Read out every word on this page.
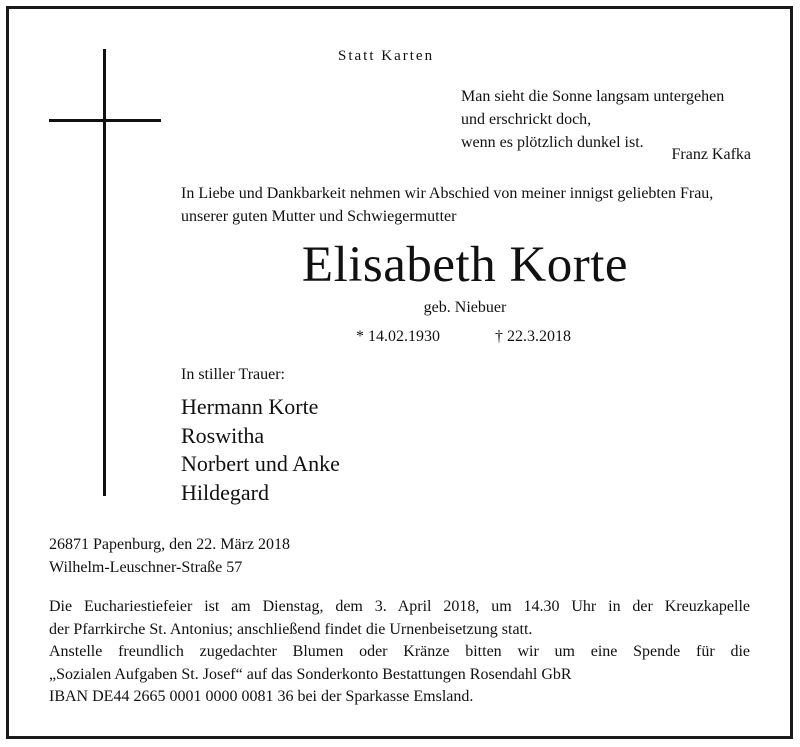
Statt Karten
Man sieht die Sonne langsam untergehen
und erschrickt doch,
wenn es plötzlich dunkel ist.
Franz Kafka
In Liebe und Dankbarkeit nehmen wir Abschied von meiner innigst geliebten Frau,
unserer guten Mutter und Schwiegermutter
Elisabeth Korte
geb. Niebuer
* 14.02.1930	† 22.3.2018
In stiller Trauer:
Hermann Korte
Roswitha
Norbert und Anke
Hildegard
26871 Papenburg, den 22. März 2018
Wilhelm-Leuschner-Straße 57
Die Euchariestiefeier ist am Dienstag, dem 3. April 2018, um 14.30 Uhr in der Kreuzkapelle
der Pfarrkirche St. Antonius; anschließend findet die Urnenbeisetzung statt.
Anstelle freundlich zugedachter Blumen oder Kränze bitten wir um eine Spende für die
„Sozialen Aufgaben St. Josef“ auf das Sonderkonto Bestattungen Rosendahl GbR
IBAN DE44 2665 0001 0000 0081 36 bei der Sparkasse Emsland.
